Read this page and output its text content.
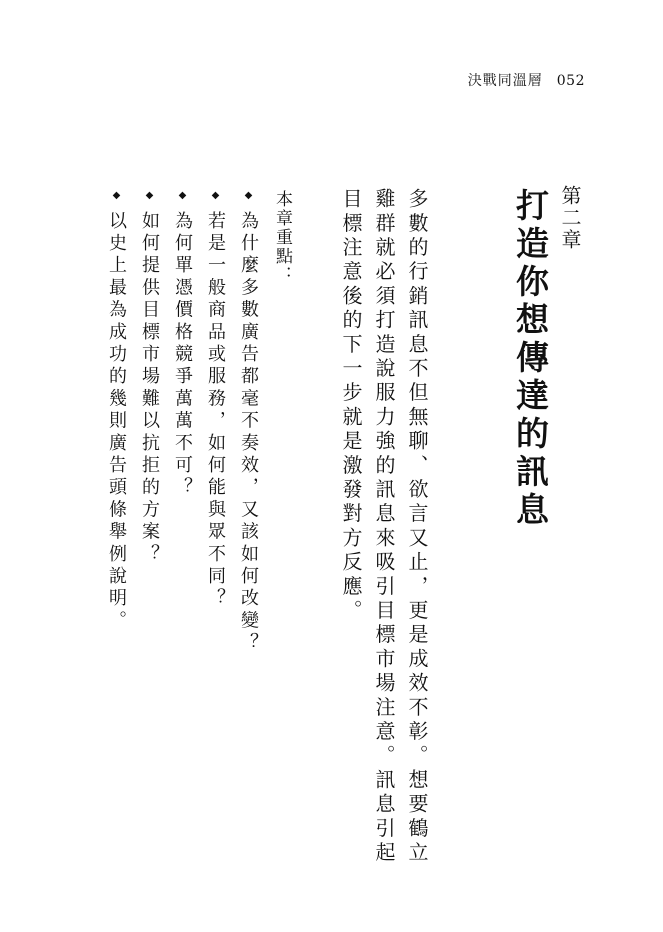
決戰同溫層 052
第二章
打造你想傳達的訊息
多數的行銷訊息不但無聊、欲言又止，更是成效不彰。想要鶴立雞群就必須打造說服力強的訊息來吸引目標市場注意。訊息引起目標注意後的下一步就是激發對方反應。
本章重點：
◆
為什麼多數廣告都毫不奏效，又該如何改變？
◆
若是一般商品或服務，如何能與眾不同？
◆
為何單憑價格競爭萬萬不可？
◆
如何提供目標市場難以抗拒的方案？
◆
以史上最為成功的幾則廣告頭條舉例說明。
